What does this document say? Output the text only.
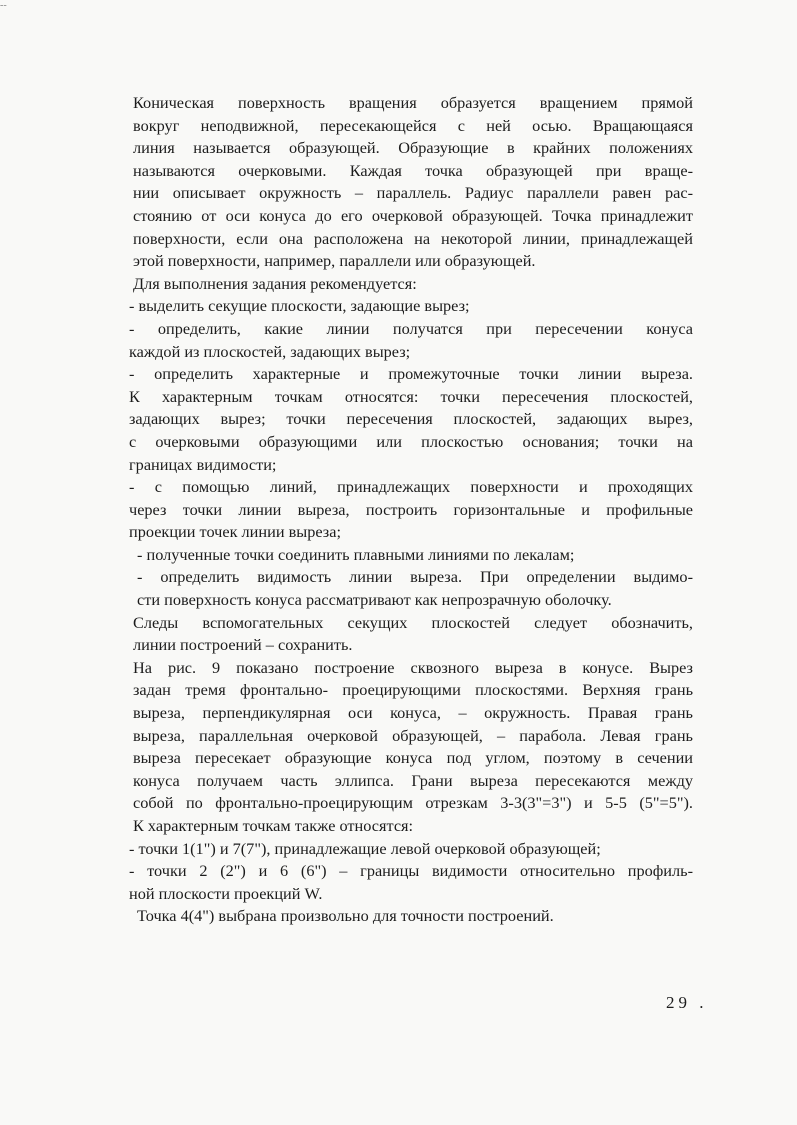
--
Коническая поверхность вращения образуется вращением прямой
вокруг неподвижной, пересекающейся с ней осью. Вращающаяся
линия называется образующей. Образующие в крайних положениях
называются очерковыми. Каждая точка образующей при враще-
нии описывает окружность – параллель. Радиус параллели равен рас-
стоянию от оси конуса до его очерковой образующей. Точка принадлежит
поверхности, если она расположена на некоторой линии, принадлежащей
этой поверхности, например, параллели или образующей.
Для выполнения задания рекомендуется:
- выделить секущие плоскости, задающие вырез;
- определить, какие линии получатся при пересечении конуса
каждой из плоскостей, задающих вырез;
- определить характерные и промежуточные точки линии выреза.
К характерным точкам относятся: точки пересечения плоскостей,
задающих вырез; точки пересечения плоскостей, задающих вырез,
с очерковыми образующими или плоскостью основания; точки на
границах видимости;
- с помощью линий, принадлежащих поверхности и проходящих
через точки линии выреза, построить горизонтальные и профильные
проекции точек линии выреза;
- полученные точки соединить плавными линиями по лекалам;
- определить видимость линии выреза. При определении выдимо-
сти поверхность конуса рассматривают как непрозрачную оболочку.
Следы вспомогательных секущих плоскостей следует обозначить,
линии построений – сохранить.
На рис. 9 показано построение сквозного выреза в конусе. Вырез
задан тремя фронтально- проецирующими плоскостями. Верхняя грань
выреза, перпендикулярная оси конуса, – окружность. Правая грань
выреза, параллельная очерковой образующей, – парабола. Левая грань
выреза пересекает образующие конуса под углом, поэтому в сечении
конуса получаем часть эллипса. Грани выреза пересекаются между
собой по фронтально-проецирующим отрезкам 3-3(3"=3") и 5-5 (5"=5").
К характерным точкам также относятся:
- точки 1(1") и 7(7"), принадлежащие левой очерковой образующей;
- точки 2 (2") и 6 (6") – границы видимости относительно профиль-
ной плоскости проекций W.
Точка 4(4") выбрана произвольно для точности построений.
29 .
